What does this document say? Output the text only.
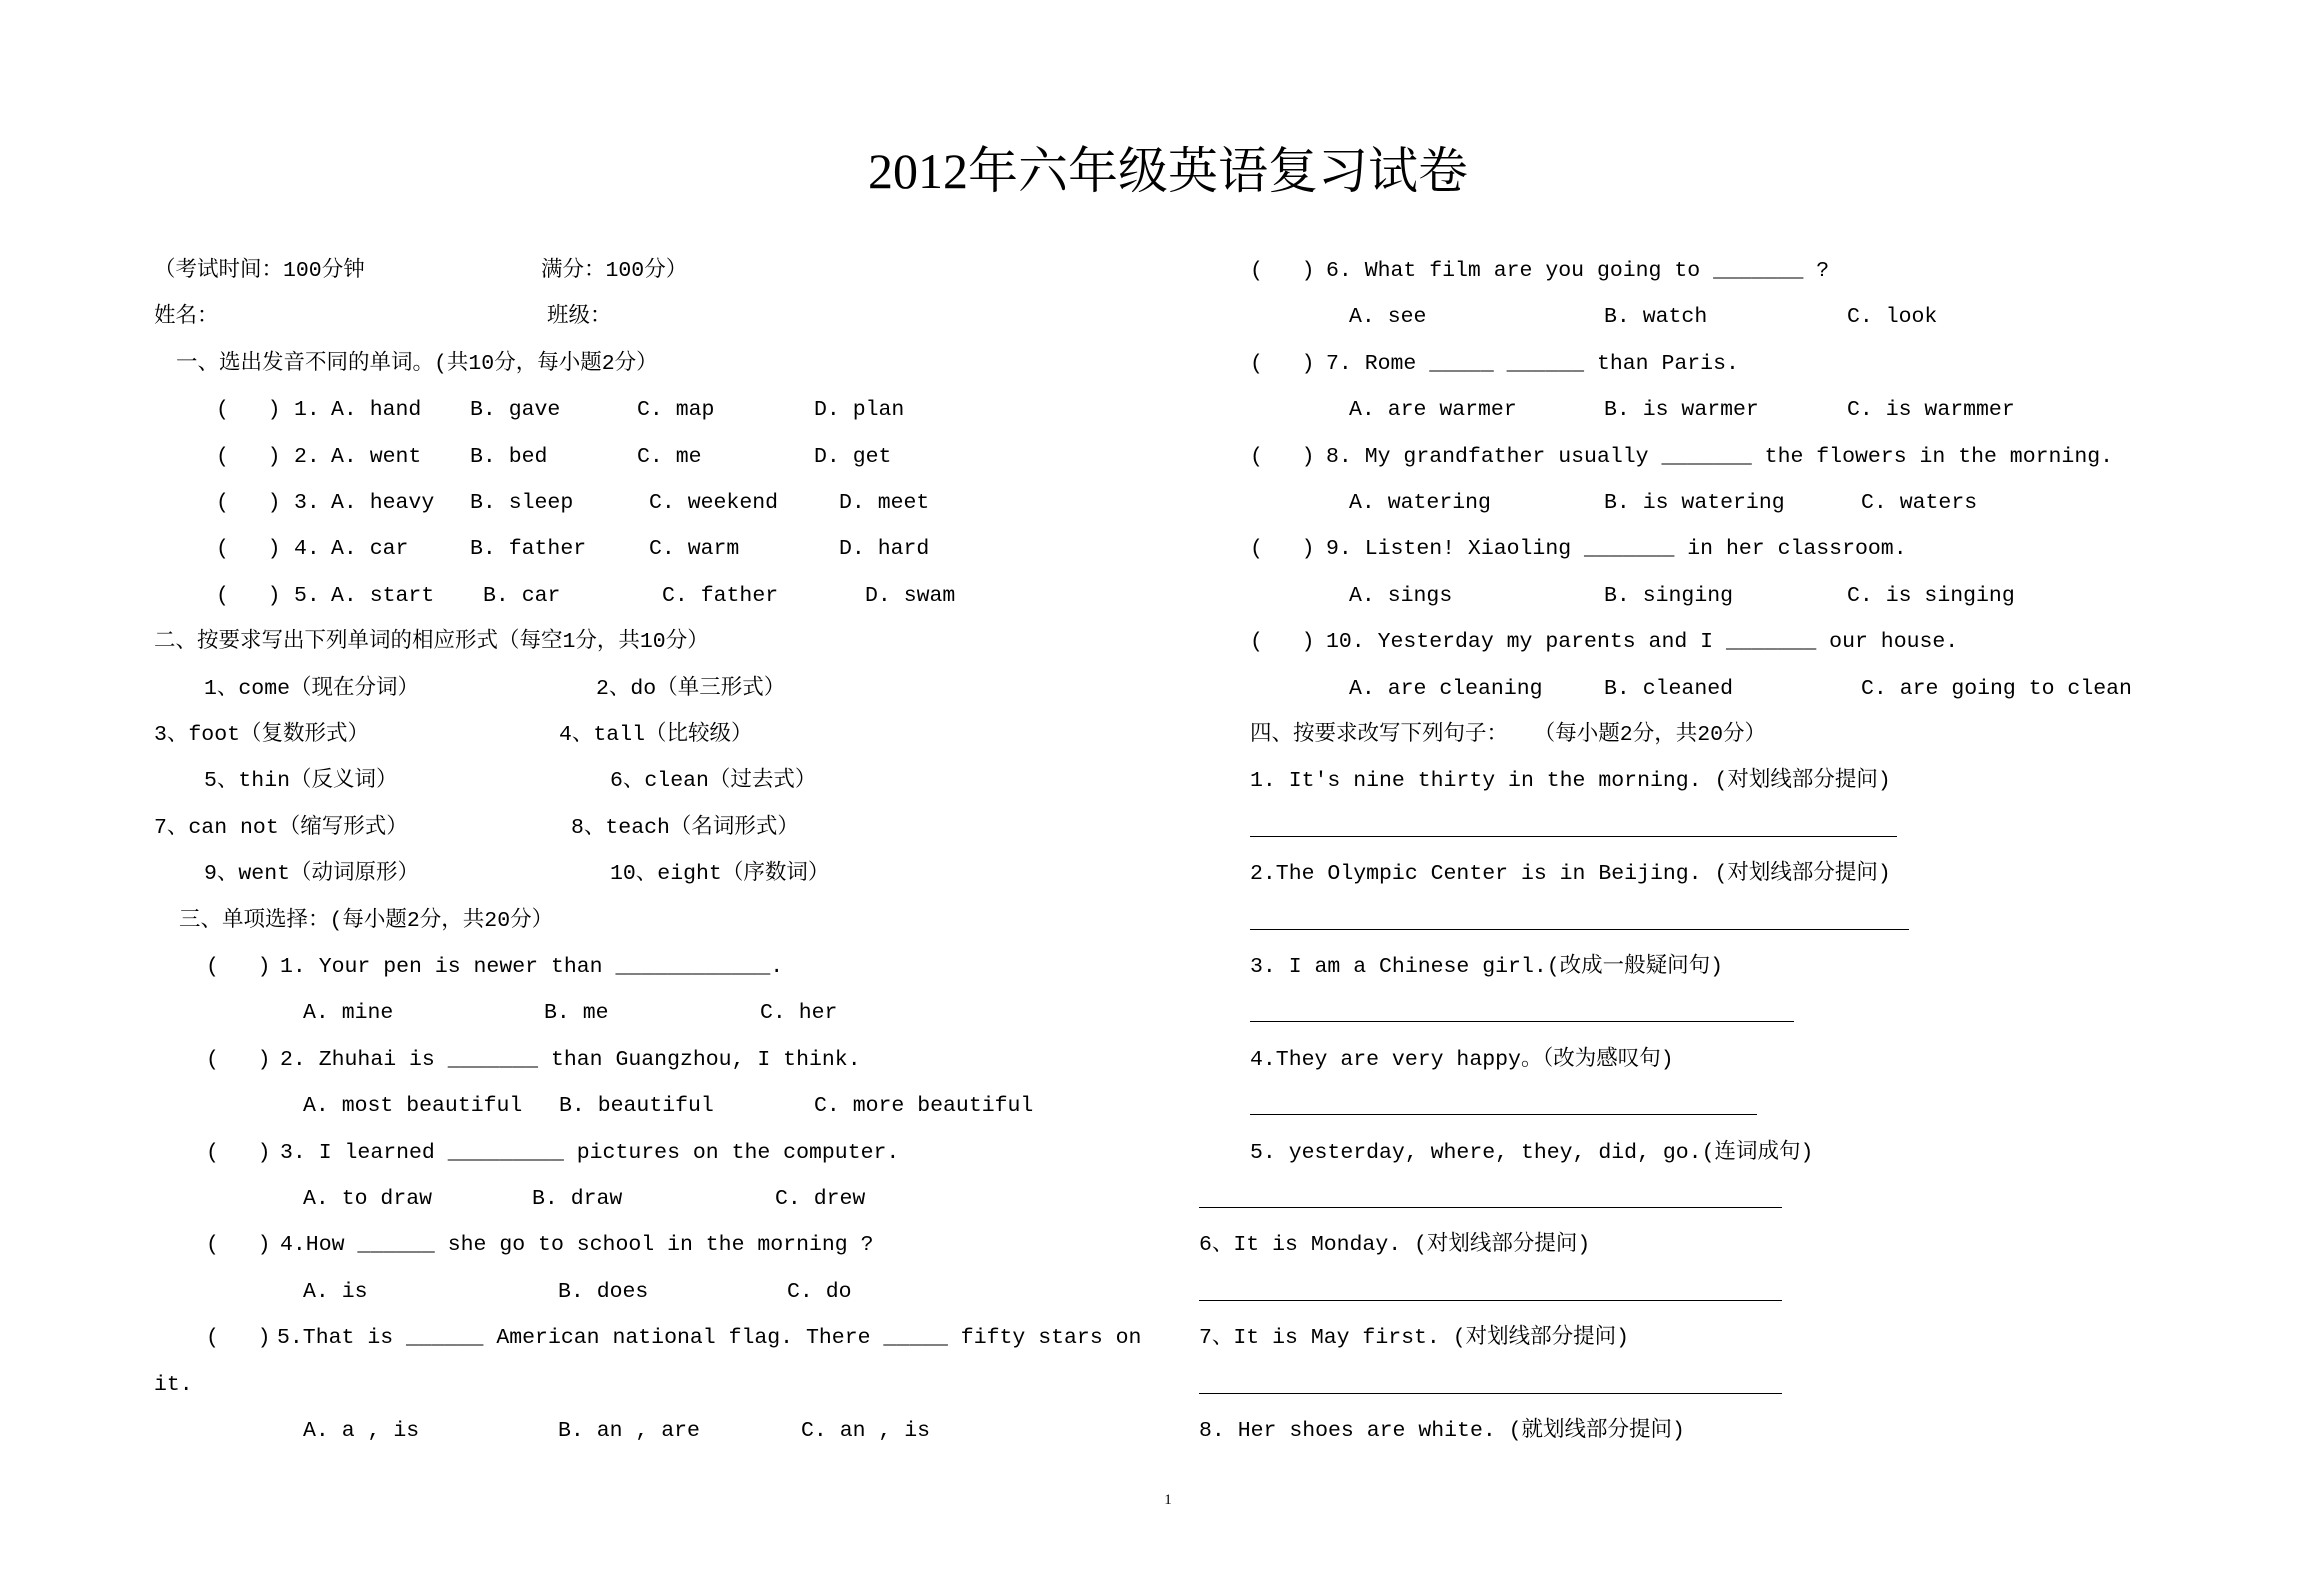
2012年六年级英语复习试卷
（考试时间：100分钟	满分：100分）
姓名：	班级：
一、选出发音不同的单词。(共10分，每小题2分）
(   ) 1. A. hand B. gave	C. map	D. plan
(   ) 2. A. went B. bed	C. me	D. get
(   ) 3. A. heavy B. sleep	C. weekend	D. meet
(   ) 4. A. car	B. father	C. warm	D. hard
(   ) 5. A. start B. car	C. father	D. swam
二、按要求写出下列单词的相应形式（每空1分，共10分）
1、come（现在分词）	2、do（单三形式）
3、foot（复数形式）	4、tall（比较级）
5、thin（反义词）	6、clean（过去式）
7、can not（缩写形式）	8、teach（名词形式）
9、went（动词原形）	10、eight（序数词）
三、单项选择：(每小题2分，共20分）
(   ) 1. Your pen is newer than ____________.
A. mine	B. me	C. her
(   ) 2. Zhuhai is _______ than Guangzhou, I think.
A. most beautiful B. beautiful	C. more beautiful
(   ) 3. I learned _________ pictures on the computer.
A. to draw	B. draw	C. drew
(   ) 4.How ______ she go to school in the morning ?
A. is	B. does	C. do
(   ) 5.That is ______ American national flag. There _____ fifty stars on
it.
A. a , is	B. an , are	C. an , is
(   ) 6. What film are you going to _______ ?
A. see	B. watch	C. look
(   ) 7. Rome _____ ______ than Paris.
A. are warmer	B. is warmer	C. is warmmer
(   ) 8. My grandfather usually _______ the flowers in the morning.
A. watering	B. is watering	C. waters
(   ) 9. Listen! Xiaoling _______ in her classroom.
A. sings	B. singing	C. is singing
(   ) 10. Yesterday my parents and I _______ our house.
A. are cleaning	B. cleaned	C. are going to clean
四、按要求改写下列句子：  （每小题2分，共20分）
1. It's nine thirty in the morning. (对划线部分提问)
2.The Olympic Center is in Beijing. (对划线部分提问)
3. I am a Chinese girl.(改成一般疑问句)
4.They are very happy。（改为感叹句)
5. yesterday, where, they, did, go.(连词成句)
6、It is Monday. (对划线部分提问)
7、It is May first. (对划线部分提问)
8. Her shoes are white. (就划线部分提问)
1
